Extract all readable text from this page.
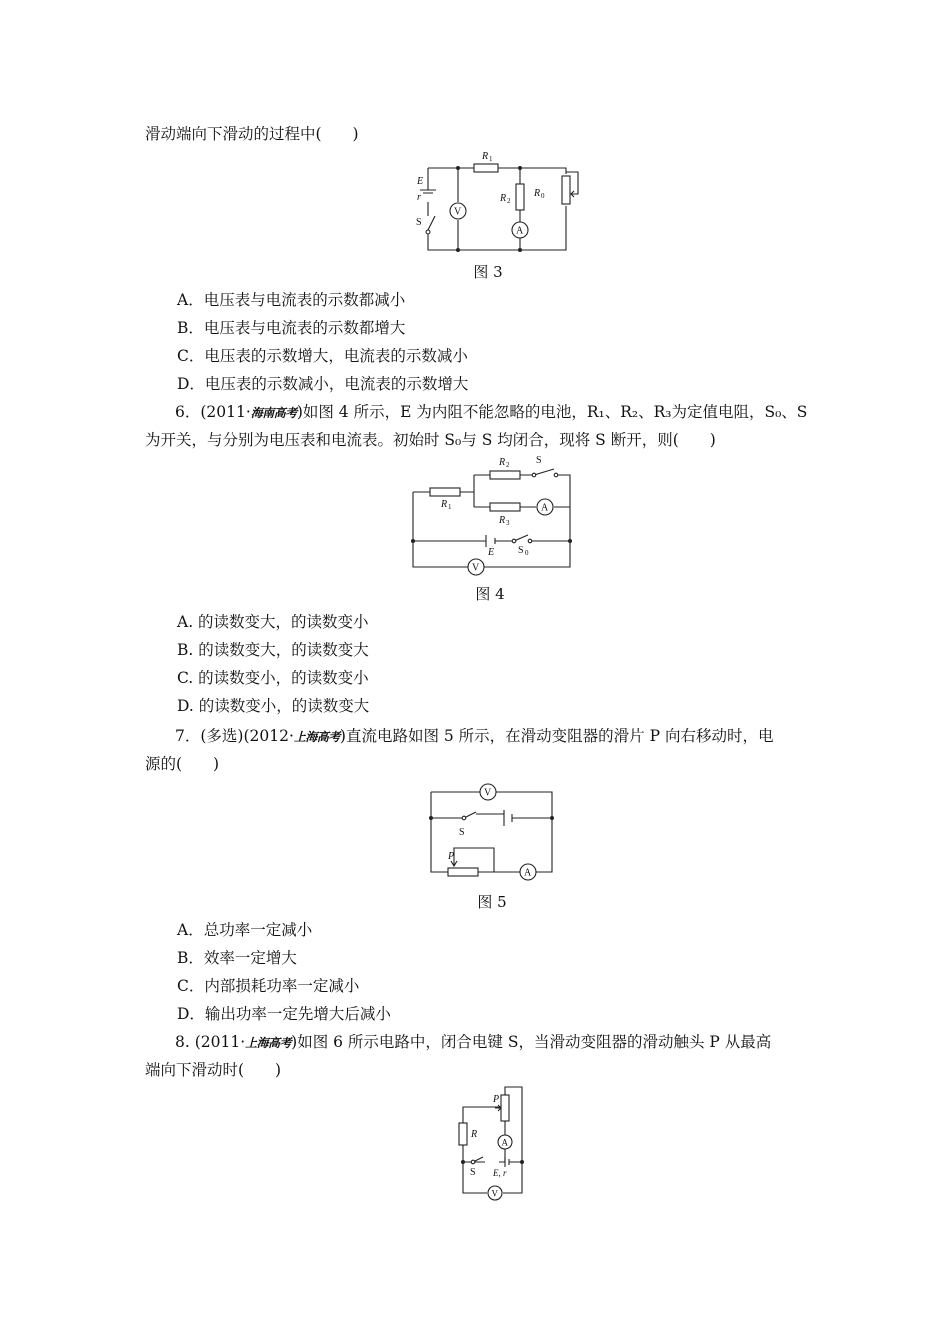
滑动端向下滑动的过程中(　　)
V
A
E
r
S
R 1
R 2
R 0
图 3
A．电压表与电流表的示数都减小
B．电压表与电流表的示数都增大
C．电压表的示数增大，电流表的示数减小
D．电压表的示数减小，电流表的示数增大
6．(2011·海南高考)如图 4 所示，E 为内阻不能忽略的电池，R₁、R₂、R₃为定值电阻，S₀、S
为开关，与分别为电压表和电流表。初始时 S₀与 S 均闭合，现将 S 断开，则(　　)
A
V
R 1
R 2
R 3
S
E S 0
图 4
A. 的读数变大，的读数变小
B. 的读数变大，的读数变大
C. 的读数变小，的读数变小
D. 的读数变小，的读数变大
7．(多选)(2012·上海高考)直流电路如图 5 所示，在滑动变阻器的滑片 P 向右移动时，电
源的(　　)
V
A
S
P
图 5
A．总功率一定减小
B．效率一定增大
C．内部损耗功率一定减小
D．输出功率一定先增大后减小
8. (2011·上海高考)如图 6 所示电路中，闭合电键 S，当滑动变阻器的滑动触头 P 从最高
端向下滑动时(　　)
A
V
P
R
S E, r
